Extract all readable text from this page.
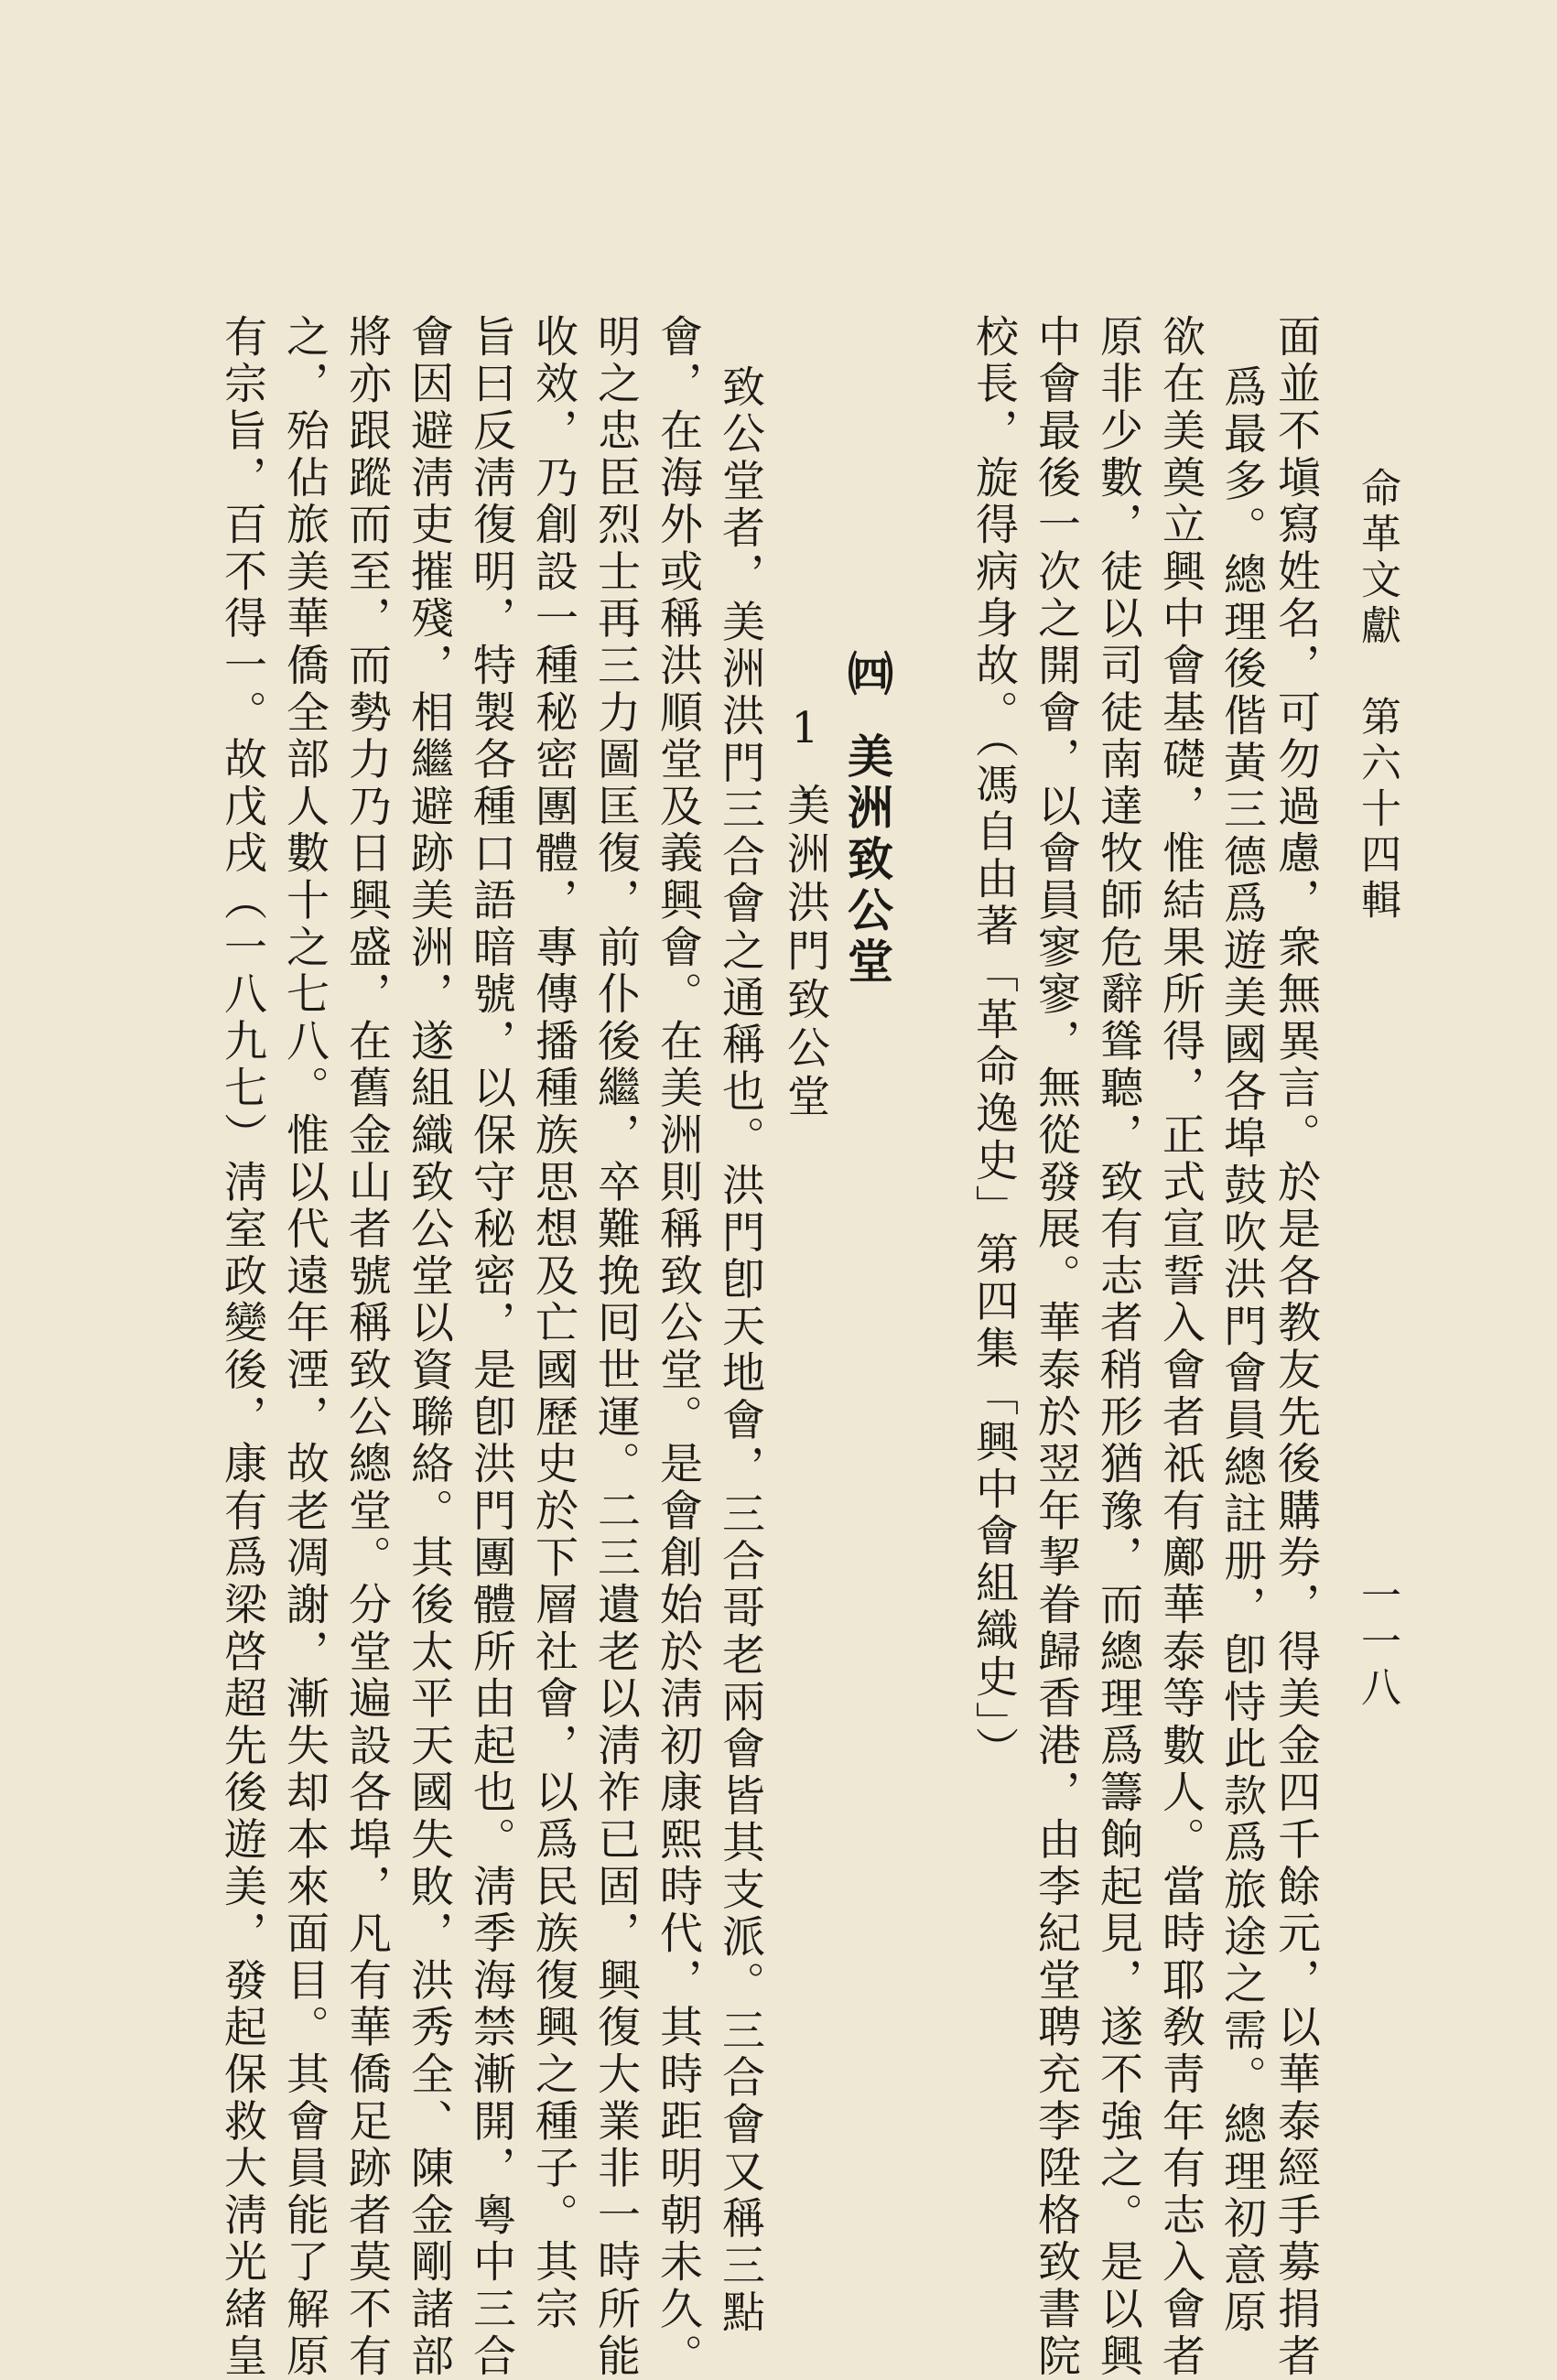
命革文獻　第六十四輯
一一八
面並不塡寫姓名，可勿過慮，衆無異言。於是各教友先後購券，得美金四千餘元，以華泰經手募捐者
爲最多。總理後偕黃三德爲遊美國各埠鼓吹洪門會員總註册，卽恃此款爲旅途之需。總理初意原
欲在美奠立興中會基礎，惟結果所得，正式宣誓入會者祇有鄺華泰等數人。當時耶敎靑年有志入會者
原非少數，徒以司徒南達牧師危辭聳聽，致有志者稍形猶豫，而總理爲籌餉起見，遂不強之。是以興
中會最後一次之開會，以會員寥寥，無從發展。華泰於翌年挈眷歸香港，由李紀堂聘充李陞格致書院
校長，旋得病身故。（馮自由著「革命逸史」第四集「興中會組織史」）
㈣
美洲致公堂
1.
美洲洪門致公堂
致公堂者，美洲洪門三合會之通稱也。洪門卽天地會，三合哥老兩會皆其支派。三合會又稱三點
會，在海外或稱洪順堂及義興會。在美洲則稱致公堂。是會創始於淸初康熙時代，其時距明朝未久。
明之忠臣烈士再三力圖匡復，前仆後繼，卒難挽囘世運。二三遺老以淸祚已固，興復大業非一時所能
收效，乃創設一種秘密團體，專傳播種族思想及亡國歷史於下層社會，以爲民族復興之種子。其宗
旨曰反淸復明，特製各種口語暗號，以保守秘密，是卽洪門團體所由起也。淸季海禁漸開，粵中三合
會因避淸吏摧殘，相繼避跡美洲，遂組織致公堂以資聯絡。其後太平天國失敗，洪秀全、陳金剛諸部
將亦跟蹤而至，而勢力乃日興盛，在舊金山者號稱致公總堂。分堂遍設各埠，凡有華僑足跡者莫不有
之，殆佔旅美華僑全部人數十之七八。惟以代遠年湮，故老凋謝，漸失却本來面目。其會員能了解原
有宗旨，百不得一。故戊戌（一八九七）淸室政變後，康有爲梁啓超先後遊美，發起保救大淸光緒皇
